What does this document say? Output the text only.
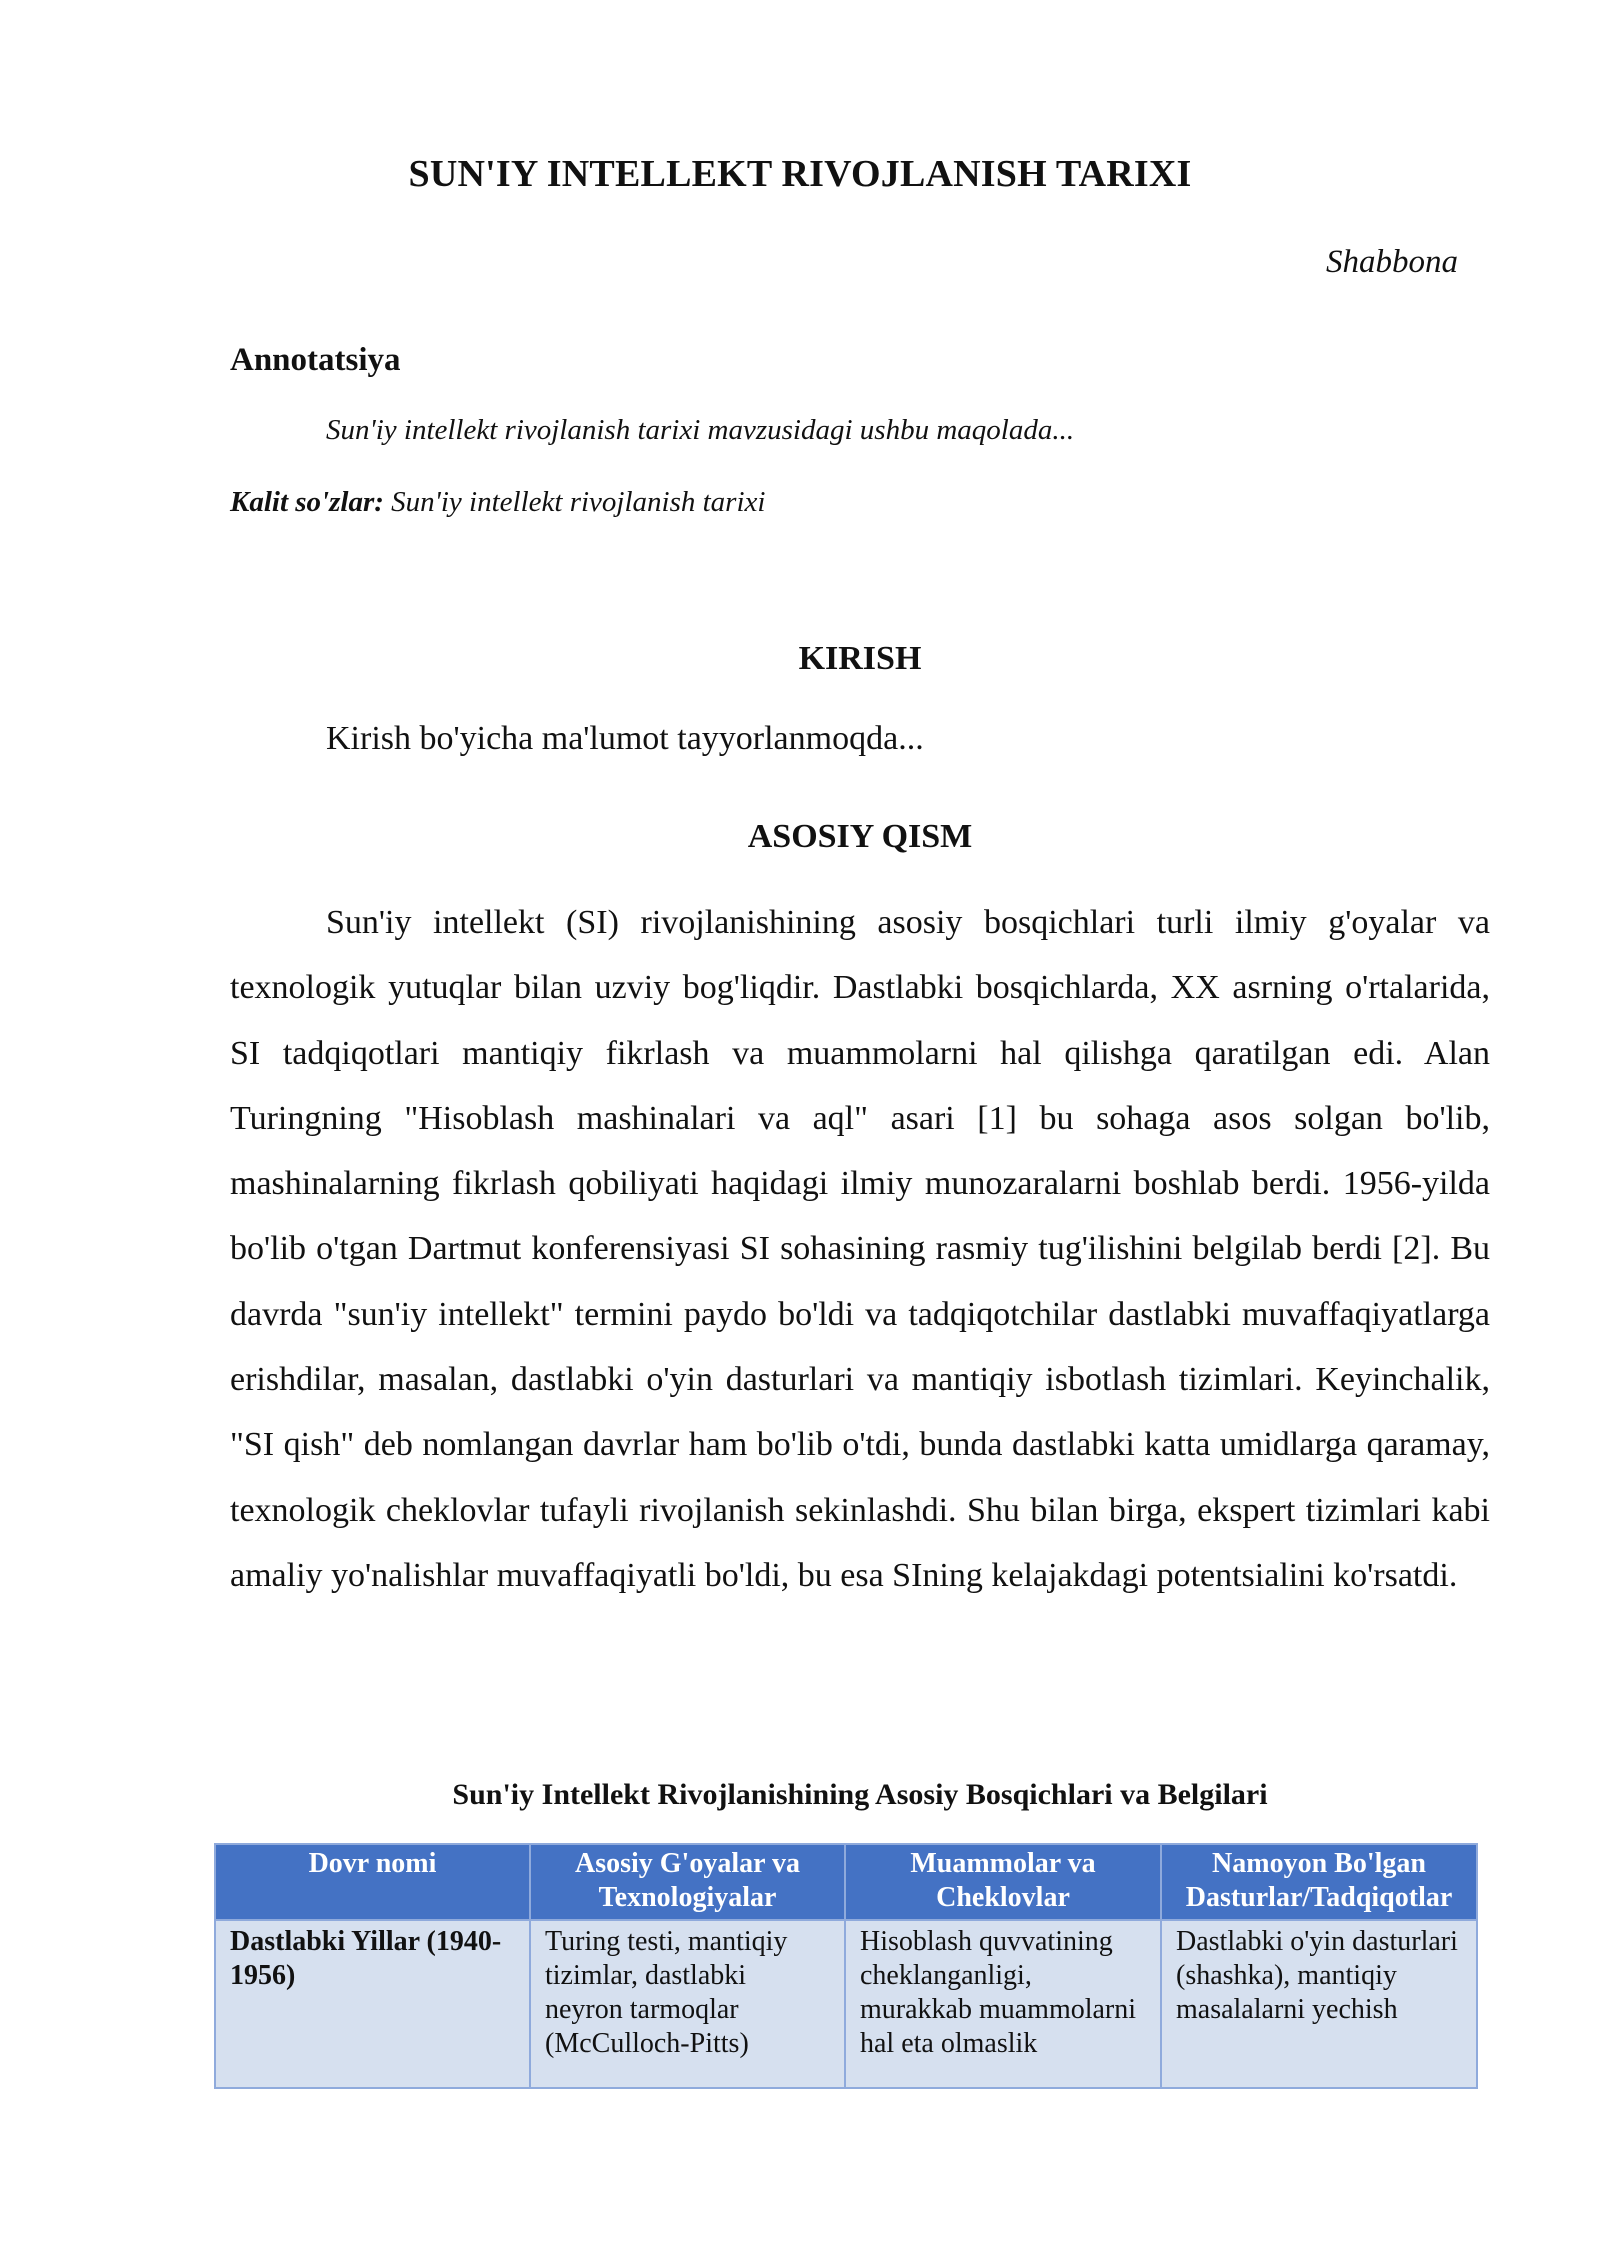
SUN'IY INTELLEKT RIVOJLANISH TARIXI
Shabbona
Annotatsiya
Sun'iy intellekt rivojlanish tarixi mavzusidagi ushbu maqolada...
Kalit so'zlar: Sun'iy intellekt rivojlanish tarixi
KIRISH
Kirish bo'yicha ma'lumot tayyorlanmoqda...
ASOSIY QISM

Sun'iy intellekt (SI) rivojlanishining asosiy bosqichlari turli ilmiy g'oyalar va texnologik yutuqlar bilan uzviy bog'liqdir. Dastlabki bosqichlarda, XX asrning o'rtalarida, SI tadqiqotlari mantiqiy fikrlash va muammolarni hal qilishga qaratilgan edi. Alan Turingning "Hisoblash mashinalari va aql" asari [1] bu sohaga asos solgan bo'lib, mashinalarning fikrlash qobiliyati haqidagi ilmiy munozaralarni boshlab berdi. 1956-yilda bo'lib o'tgan Dartmut konferensiyasi SI sohasining rasmiy tug'ilishini belgilab berdi [2]. Bu davrda "sun'iy intellekt" termini paydo bo'ldi va tadqiqotchilar dastlabki muvaffaqiyatlarga erishdilar, masalan, dastlabki o'yin dasturlari va mantiqiy isbotlash tizimlari. Keyinchalik, "SI qish" deb nomlangan davrlar ham bo'lib o'tdi, bunda dastlabki katta umidlarga qaramay, texnologik cheklovlar tufayli rivojlanish sekinlashdi. Shu bilan birga, ekspert tizimlari kabi amaliy yo'nalishlar muvaffaqiyatli bo'ldi, bu esa SIning kelajakdagi potentsialini ko'rsatdi.

Sun'iy Intellekt Rivojlanishining Asosiy Bosqichlari va Belgilari
Dovr nomi	Asosiy G'oyalar va Texnologiyalar	Muammolar va Cheklovlar	Namoyon Bo'lgan Dasturlar/Tadqiqotlar
Dastlabki Yillar (1940-1956)	Turing testi, mantiqiy tizimlar, dastlabki neyron tarmoqlar (McCulloch-Pitts)	Hisoblash quvvatining cheklanganligi, murakkab muammolarni hal eta olmaslik	Dastlabki o'yin dasturlari (shashka), mantiqiy masalalarni yechish
